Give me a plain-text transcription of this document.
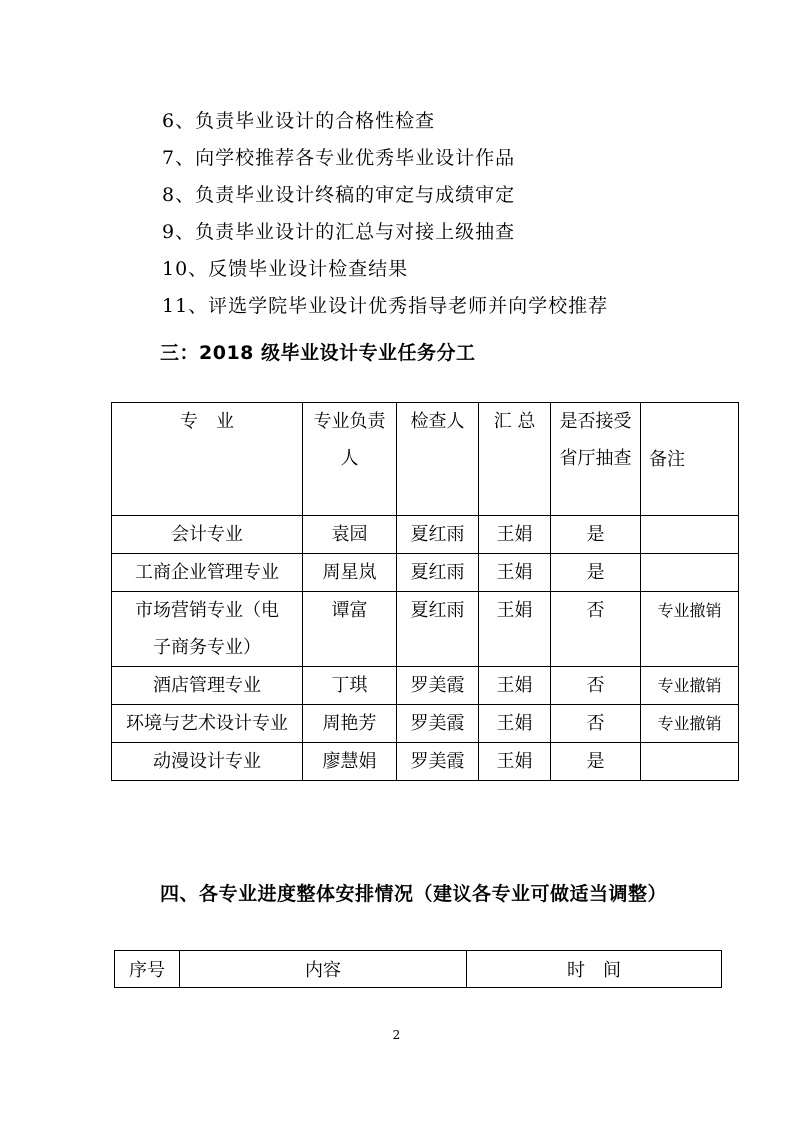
6、负责毕业设计的合格性检查
7、向学校推荐各专业优秀毕业设计作品
8、负责毕业设计终稿的审定与成绩审定
9、负责毕业设计的汇总与对接上级抽查
10、反馈毕业设计检查结果
11、评选学院毕业设计优秀指导老师并向学校推荐
三：2018 级毕业设计专业任务分工
专　业	专业负责人	检查人	汇 总	是否接受省厅抽查	备注
会计专业	袁园	夏红雨	王娟	是	
工商企业管理专业	周星岚	夏红雨	王娟	是	
市场营销专业（电子商务专业）	谭富	夏红雨	王娟	否	专业撤销
酒店管理专业	丁琪	罗美霞	王娟	否	专业撤销
环境与艺术设计专业	周艳芳	罗美霞	王娟	否	专业撤销
动漫设计专业	廖慧娟	罗美霞	王娟	是	
四、各专业进度整体安排情况（建议各专业可做适当调整）
序号	内容	时　间
2
